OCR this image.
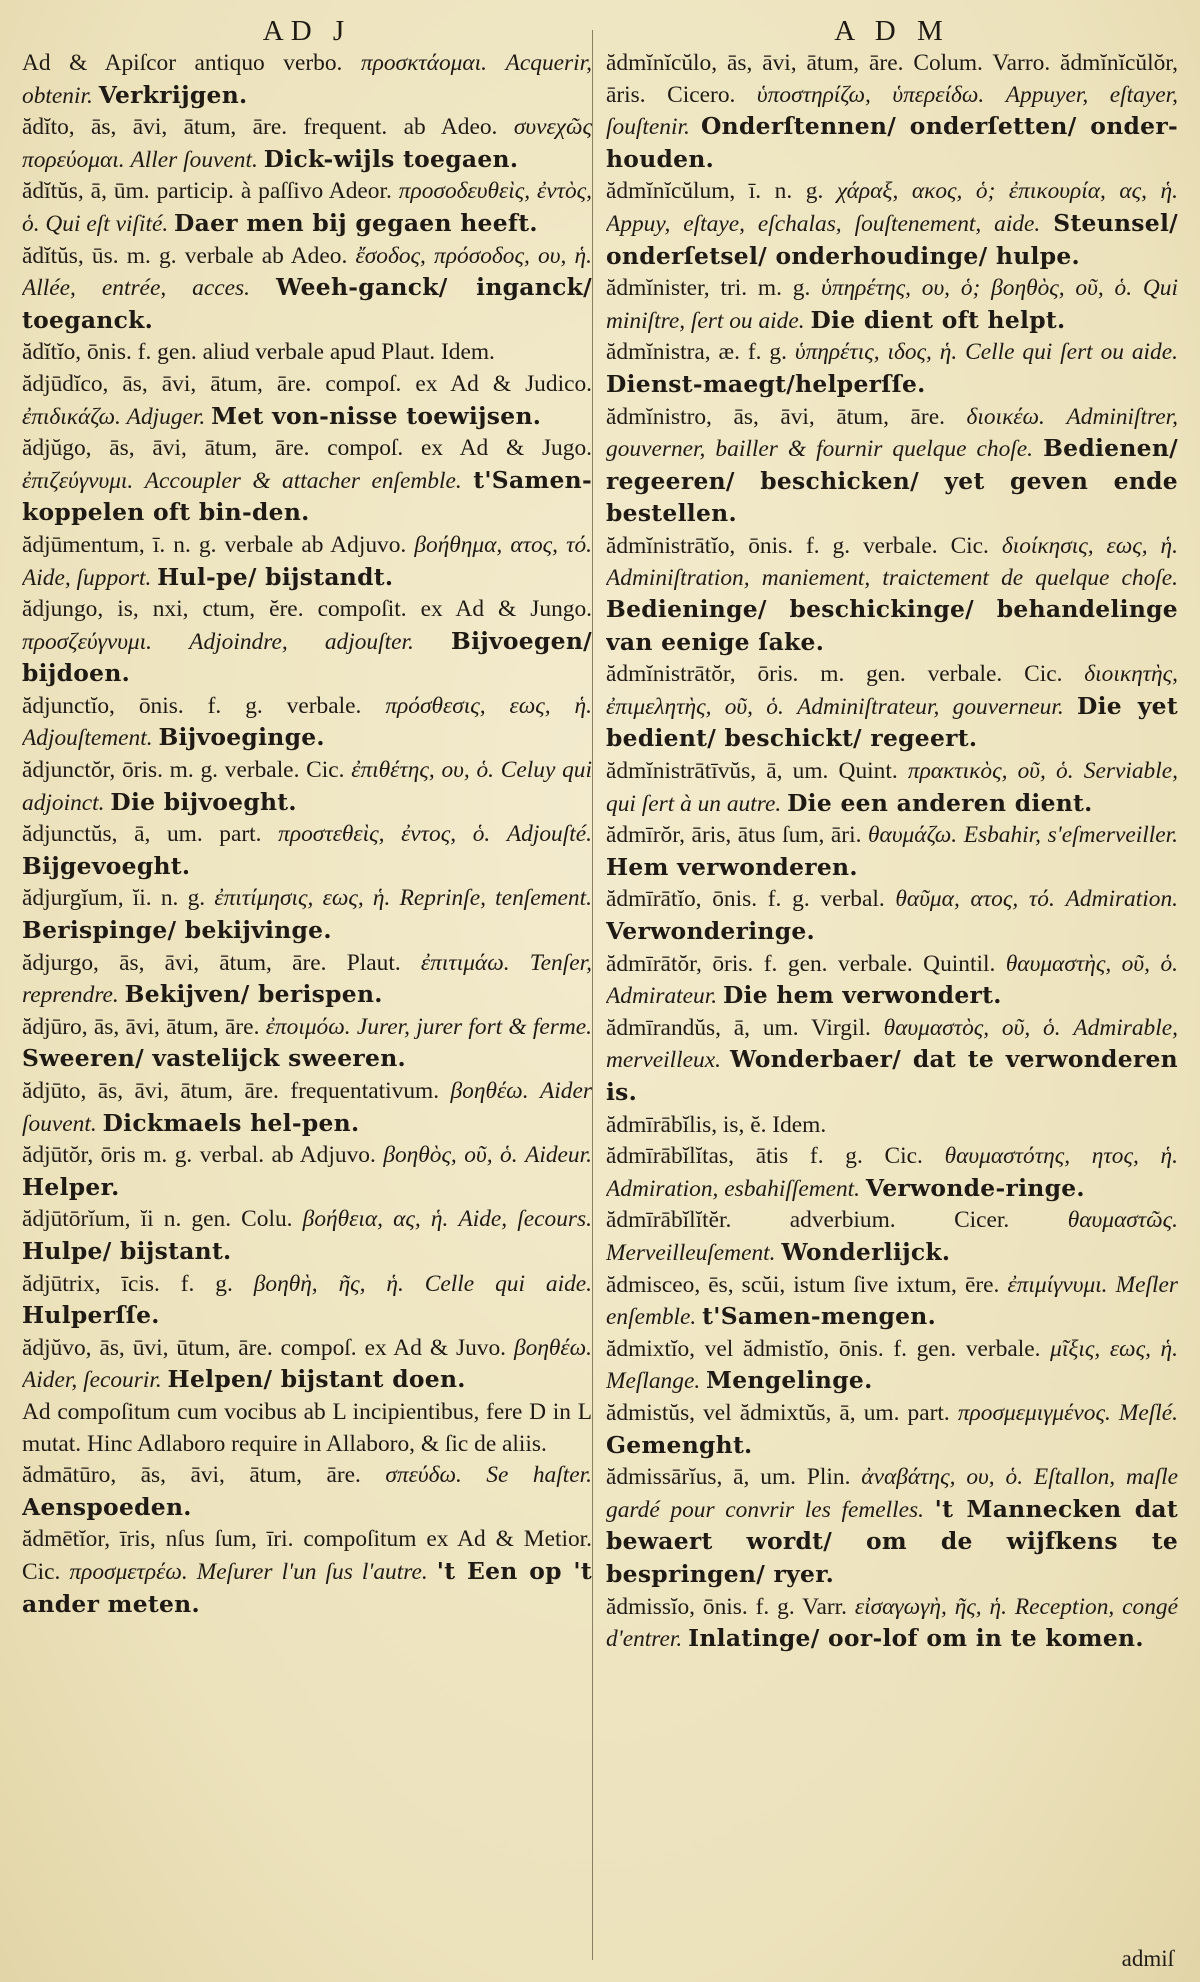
AD J

Ad & Apiſcor antiquo verbo. προσκτάομαι. Acquerir, obtenir. Verkrijgen.

ădĭto, ās, āvi, ātum, āre. frequent. ab Adeo. συνεχῶς πορεύομαι. Aller ſouvent. Dick-wijls toegaen.

ădĭtŭs, ā, ūm. particip. à paſſivo Adeor. προσοδευθεὶς, ἐντὸς, ὁ. Qui eſt viſité. Daer men bij gegaen heeft.

ădĭtŭs, ūs. m. g. verbale ab Adeo. ἔσοδος, πρόσοδος, ου, ἡ. Allée, entrée, acces. Weeh-ganck/ inganck/ toeganck.

ădĭtĭo, ōnis. f. gen. aliud verbale apud Plaut. Idem.

ădjūdĭco, ās, āvi, ātum, āre. compoſ. ex Ad & Judico. ἐπιδικάζω. Adjuger. Met von-nisse toewijsen.

ădjŭgo, ās, āvi, ātum, āre. compoſ. ex Ad & Jugo. ἐπιζεύγνυμι. Accoupler & attacher enſemble. t'Samen-koppelen oft bin-den.

ădjūmentum, ī. n. g. verbale ab Adjuvo. βοήθημα, ατος, τό. Aide, ſupport. Hul-pe/ bijstandt.

ădjungo, is, nxi, ctum, ĕre. compoſit. ex Ad & Jungo. προσζεύγνυμι. Adjoindre, adjouſter. Bijvoegen/ bijdoen.

ădjunctĭo, ōnis. f. g. verbale. πρόσθεσις, εως, ἡ. Adjouſtement. Bijvoeginge.

ădjunctŏr, ōris. m. g. verbale. Cic. ἐπιθέτης, ου, ὁ. Celuy qui adjoinct. Die bijvoeght.

ădjunctŭs, ā, um. part. προστεθεὶς, ἐντος, ὁ. Adjouſté. Bijgevoeght.

ădjurgĭum, ĭi. n. g. ἐπιτίμησις, εως, ἡ. Reprinſe, tenſement. Berispinge/ bekijvinge.

ădjurgo, ās, āvi, ātum, āre. Plaut. ἐπιτιμάω. Tenſer, reprendre. Bekijven/ berispen.

ădjūro, ās, āvi, ātum, āre. ἐποιμόω. Jurer, jurer fort & ferme. Sweeren/ vastelijck sweeren.

ădjūto, ās, āvi, ātum, āre. frequentativum. βοηθέω. Aider ſouvent. Dickmaels hel-pen.

ădjūtŏr, ōris m. g. verbal. ab Adjuvo. βοηθὸς, οῦ, ὁ. Aideur. Helper.

ădjūtōrĭum, ĭi n. gen. Colu. βοήθεια, ας, ἡ. Aide, ſecours. Hulpe/ bijstant.

ădjūtrix, īcis. f. g. βοηθὴ, ῆς, ἡ. Celle qui aide. Hulperſſe.

ădjŭvo, ās, ūvi, ūtum, āre. compoſ. ex Ad & Juvo. βοηθέω. Aider, ſecourir. Helpen/ bijstant doen.

Ad compoſitum cum vocibus ab L incipientibus, fere D in L mutat. Hinc Adlaboro require in Allaboro, & ſic de aliis.

ădmātūro, ās, āvi, ātum, āre. σπεύδω. Se haſter. Aenspoeden.

ădmētĭor, īris, nſus ſum, īri. compoſitum ex Ad & Metior. Cic. προσμετρέω. Meſurer l'un ſus l'autre. 't Een op 't ander meten.

A D M

ădmĭnĭcŭlo, ās, āvi, ātum, āre. Colum. Varro. ădmĭnĭcŭlŏr, āris. Cicero. ὑποστηρίζω, ὑπερείδω. Appuyer, eſtayer, ſouſtenir. Onderſtennen/ onderſetten/ onder-houden.

ădmĭnĭcŭlum, ī. n. g. χάραξ, ακος, ὁ; ἐπικουρία, ας, ἡ. Appuy, eſtaye, eſchalas, ſouſtenement, aide. Steunsel/ onderſetsel/ onderhoudinge/ hulpe.

ădmĭnister, tri. m. g. ὑπηρέτης, ου, ὁ; βοηθὸς, οῦ, ὁ. Qui miniſtre, ſert ou aide. Die dient oft helpt.

ădmĭnistra, æ. f. g. ὑπηρέτις, ιδος, ἡ. Celle qui ſert ou aide. Dienst-maegt/helperſſe.

ădmĭnistro, ās, āvi, ātum, āre. διοικέω. Adminiſtrer, gouverner, bailler & fournir quelque choſe. Bedienen/ regeeren/ beschicken/ yet geven ende bestellen.

ădmĭnistrātĭo, ōnis. f. g. verbale. Cic. διοίκησις, εως, ἡ. Adminiſtration, maniement, traictement de quelque choſe. Bedieninge/ beschickinge/ behandelinge van eenige ſake.

ădmĭnistrātŏr, ōris. m. gen. verbale. Cic. διοικητὴς, ἐπιμελητὴς, οῦ, ὁ. Adminiſtrateur, gouverneur. Die yet bedient/ beschickt/ regeert.

ădmĭnistrātīvŭs, ā, um. Quint. πρακτικὸς, οῦ, ὁ. Serviable, qui ſert à un autre. Die een anderen dient.

ădmīrŏr, āris, ātus ſum, āri. θαυμάζω. Esbahir, s'eſmerveiller. Hem verwonderen.

ădmīrātĭo, ōnis. f. g. verbal. θαῦμα, ατος, τό. Admiration. Verwonderinge.

ădmīrātŏr, ōris. f. gen. verbale. Quintil. θαυμαστὴς, οῦ, ὁ. Admirateur. Die hem verwondert.

ădmīrandŭs, ā, um. Virgil. θαυμαστὸς, οῦ, ὁ. Admirable, merveilleux. Wonderbaer/ dat te verwonderen is.

ădmīrābĭlis, is, ĕ. Idem.

ădmīrābĭlĭtas, ātis f. g. Cic. θαυμαστότης, ητος, ἡ. Admiration, esbahiſſement. Verwonde-ringe.

ădmīrābĭlĭtĕr. adverbium. Cicer. θαυμαστῶς. Merveilleuſement. Wonderlijck.

ădmisceo, ēs, scŭi, istum ſive ixtum, ēre. ἐπιμίγνυμι. Meſler enſemble. t'Samen-mengen.

ădmixtĭo, vel ădmistĭo, ōnis. f. gen. verbale. μῖξις, εως, ἡ. Meſlange. Mengelinge.

ădmistŭs, vel ădmixtŭs, ā, um. part. προσμεμιγμένος. Meſlé. Gemenght.

ădmissārĭus, ā, um. Plin. ἀναβάτης, ου, ὁ. Eſtallon, maſle gardé pour convrir les femelles. 't Mannecken dat bewaert wordt/ om de wijfkens te bespringen/ ryer.

ădmissĭo, ōnis. f. g. Varr. εἰσαγωγὴ, ῆς, ἡ. Reception, congé d'entrer. Inlatinge/ oor-lof om in te komen.

admiſ
